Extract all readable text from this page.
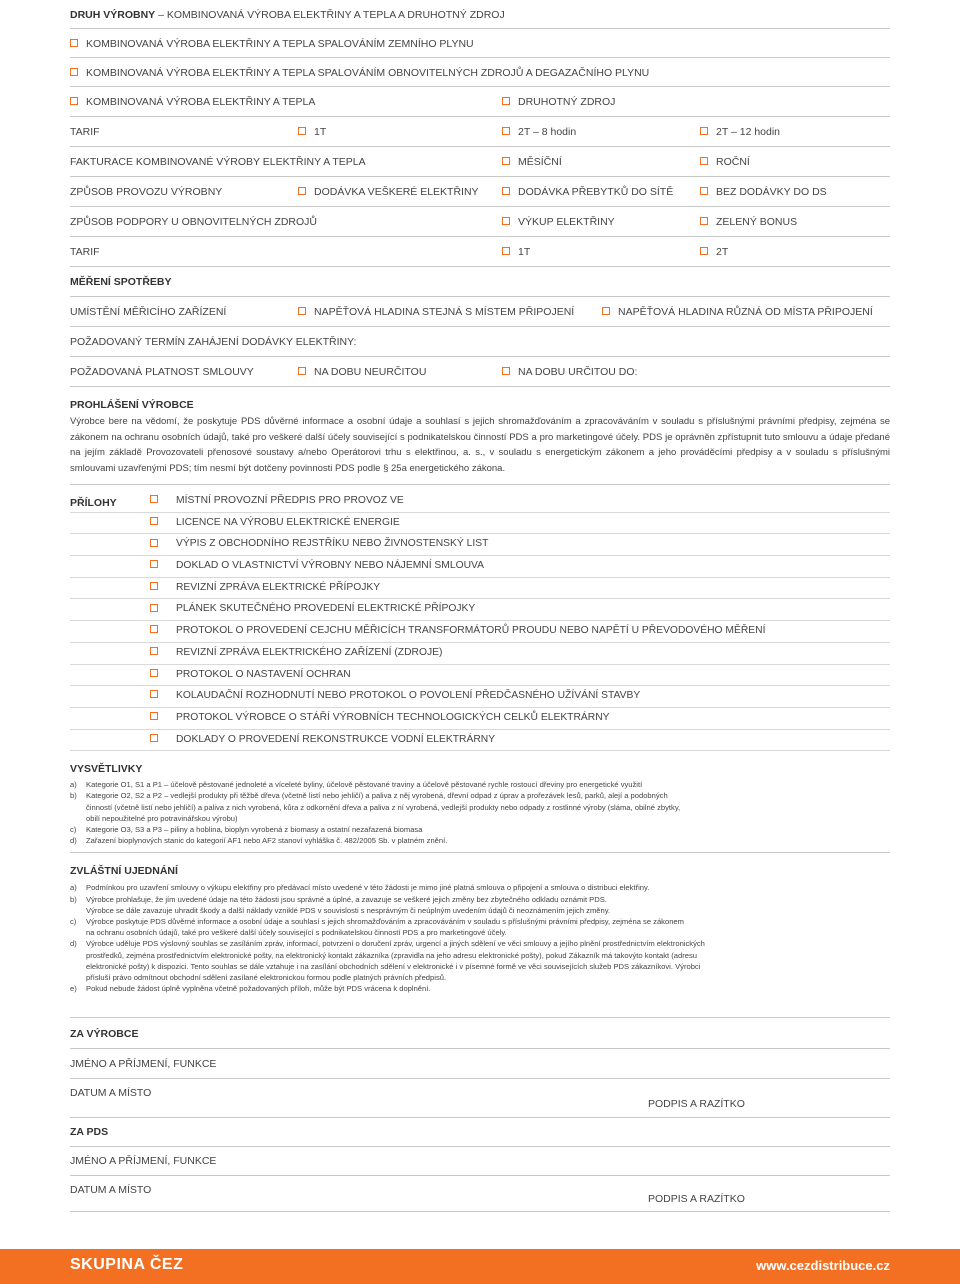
DRUH VÝROBNY – KOMBINOVANÁ VÝROBA ELEKTŘINY A TEPLA A DRUHOTNÝ ZDROJ
KOMBINOVANÁ VÝROBA ELEKTŘINY A TEPLA SPALOVÁNÍM ZEMNÍHO PLYNU
KOMBINOVANÁ VÝROBA ELEKTŘINY A TEPLA SPALOVÁNÍM OBNOVITELNÝCH ZDROJŮ A DEGAZAČNÍHO PLYNU
KOMBINOVANÁ VÝROBA ELEKTŘINY A TEPLA	DRUHOTNÝ ZDROJ
TARIF	1T	2T – 8 hodin	2T – 12 hodin
FAKTURACE KOMBINOVANÉ VÝROBY ELEKTŘINY A TEPLA	MĚSÍČNÍ	ROČNÍ
ZPŮSOB PROVOZU VÝROBNY	DODÁVKA VEŠKERÉ ELEKTŘINY	DODÁVKA PŘEBYTKŮ DO SÍTĚ	BEZ DODÁVKY DO DS
ZPŮSOB PODPORY U OBNOVITELNÝCH ZDROJŮ	VÝKUP ELEKTŘINY	ZELENÝ BONUS
TARIF	1T	2T
MĚŘENÍ SPOTŘEBY
UMÍSTĚNÍ MĚŘICÍHO ZAŘÍZENÍ	NAPĚŤOVÁ HLADINA STEJNÁ S MÍSTEM PŘIPOJENÍ	NAPĚŤOVÁ HLADINA RŮZNÁ OD MÍSTA PŘIPOJENÍ
POŽADOVANÝ TERMÍN ZAHÁJENÍ DODÁVKY ELEKTŘINY:
POŽADOVANÁ PLATNOST SMLOUVY	NA DOBU NEURČITOU	NA DOBU URČITOU DO:
PROHLÁŠENÍ VÝROBCE
Výrobce bere na vědomí, že poskytuje PDS důvěrné informace a osobní údaje a souhlasí s jejich shromažďováním a zpracováváním v souladu s příslušnými právními předpisy, zejména se zákonem na ochranu osobních údajů, také pro veškeré další účely související s podnikatelskou činností PDS a pro marketingové účely. PDS je oprávněn zpřístupnit tuto smlouvu a údaje předané na jejím základě Provozovateli přenosové soustavy a/nebo Operátorovi trhu s elektřinou, a. s., v souladu s energetickým zákonem a jeho prováděcími předpisy a v souladu s příslušnými smlouvami uzavřenými PDS; tím nesmí být dotčeny povinnosti PDS podle § 25a energetického zákona.
PŘÍLOHY	MÍSTNÍ PROVOZNÍ PŘEDPIS PRO PROVOZ VE
LICENCE NA VÝROBU ELEKTRICKÉ ENERGIE
VÝPIS Z OBCHODNÍHO REJSTŘÍKU NEBO ŽIVNOSTENSKÝ LIST
DOKLAD O VLASTNICTVÍ VÝROBNY NEBO NÁJEMNÍ SMLOUVA
REVIZNÍ ZPRÁVA ELEKTRICKÉ PŘÍPOJKY
PLÁNEK SKUTEČNÉHO PROVEDENÍ ELEKTRICKÉ PŘÍPOJKY
PROTOKOL O PROVEDENÍ CEJCHU MĚŘICÍCH TRANSFORMÁTORŮ PROUDU NEBO NAPĚTÍ U PŘEVODOVÉHO MĚŘENÍ
REVIZNÍ ZPRÁVA ELEKTRICKÉHO ZAŘÍZENÍ (ZDROJE)
PROTOKOL O NASTAVENÍ OCHRAN
KOLAUDAČNÍ ROZHODNUTÍ NEBO PROTOKOL O POVOLENÍ PŘEDČASNÉHO UŽÍVÁNÍ STAVBY
PROTOKOL VÝROBCE O STÁŘÍ VÝROBNÍCH TECHNOLOGICKÝCH CELKŮ ELEKTRÁRNY
DOKLADY O PROVEDENÍ REKONSTRUKCE VODNÍ ELEKTRÁRNY
VYSVĚTLIVKY
a) Kategorie O1, S1 a P1 – účelově pěstované jednoleté a víceleté byliny, účelově pěstované traviny a účelově pěstované rychle rostoucí dřeviny pro energetické využití
b) Kategorie O2, S2 a P2 – vedlejší produkty při těžbě dřeva (včetně listí nebo jehličí) a paliva z něj vyrobená, dřevní odpad z úprav a prořezávek lesů, parků, alejí a podobných
činností (včetně listí nebo jehličí) a paliva z nich vyrobená, kůra z odkornění dřeva a paliva z ní vyrobená, vedlejší produkty nebo odpady z rostlinné výroby (sláma, obilné zbytky,
obilí nepoužitelné pro potravinářskou výrobu)
c) Kategorie O3, S3 a P3 – piliny a hoblina, bioplyn vyrobená z biomasy a ostatní nezařazená biomasa
d) Zařazení bioplynových stanic do kategorií AF1 nebo AF2 stanoví vyhláška č. 482/2005 Sb. v platném znění.
ZVLÁŠTNÍ UJEDNÁNÍ
a) Podmínkou pro uzavření smlouvy o výkupu elektřiny pro předávací místo uvedené v této žádosti je mimo jiné platná smlouva o připojení a smlouva o distribuci elektřiny.
b) Výrobce prohlašuje, že jím uvedené údaje na této žádosti jsou správné a úplné, a zavazuje se veškeré jejich změny bez zbytečného odkladu oznámit PDS.
Výrobce se dále zavazuje uhradit škody a další náklady vzniklé PDS v souvislosti s nesprávným či neúplným uvedením údajů či neoznámením jejich změny.
c) Výrobce poskytuje PDS důvěrné informace a osobní údaje a souhlasí s jejich shromažďováním a zpracováváním v souladu s příslušnými právními předpisy, zejména se zákonem
na ochranu osobních údajů, také pro veškeré další účely související s podnikatelskou činností PDS a pro marketingové účely.
d) Výrobce uděluje PDS výslovný souhlas se zasíláním zpráv, informací, potvrzení o doručení zpráv, urgencí a jiných sdělení ve věci smlouvy a jejího plnění prostřednictvím elektronických
prostředků, zejména prostřednictvím elektronické pošty, na elektronický kontakt zákazníka (zpravidla na jeho adresu elektronické pošty), pokud Zákazník má takovýto kontakt (adresu
elektronické pošty) k dispozici. Tento souhlas se dále vztahuje i na zasílání obchodních sdělení v elektronické i v písemné formě ve věci souvisejících služeb PDS zákazníkovi. Výrobci
přísluší právo odmítnout obchodní sdělení zasílané elektronickou formou podle platných právních předpisů.
e) Pokud nebude žádost úplně vyplněna včetně požadovaných příloh, může být PDS vrácena k doplnění.
ZA VÝROBCE
JMÉNO A PŘÍJMENÍ, FUNKCE
DATUM A MÍSTO
PODPIS A RAZÍTKO
ZA PDS
JMÉNO A PŘÍJMENÍ, FUNKCE
DATUM A MÍSTO
PODPIS A RAZÍTKO
SKUPINA ČEZ	www.cezdistribuce.cz
